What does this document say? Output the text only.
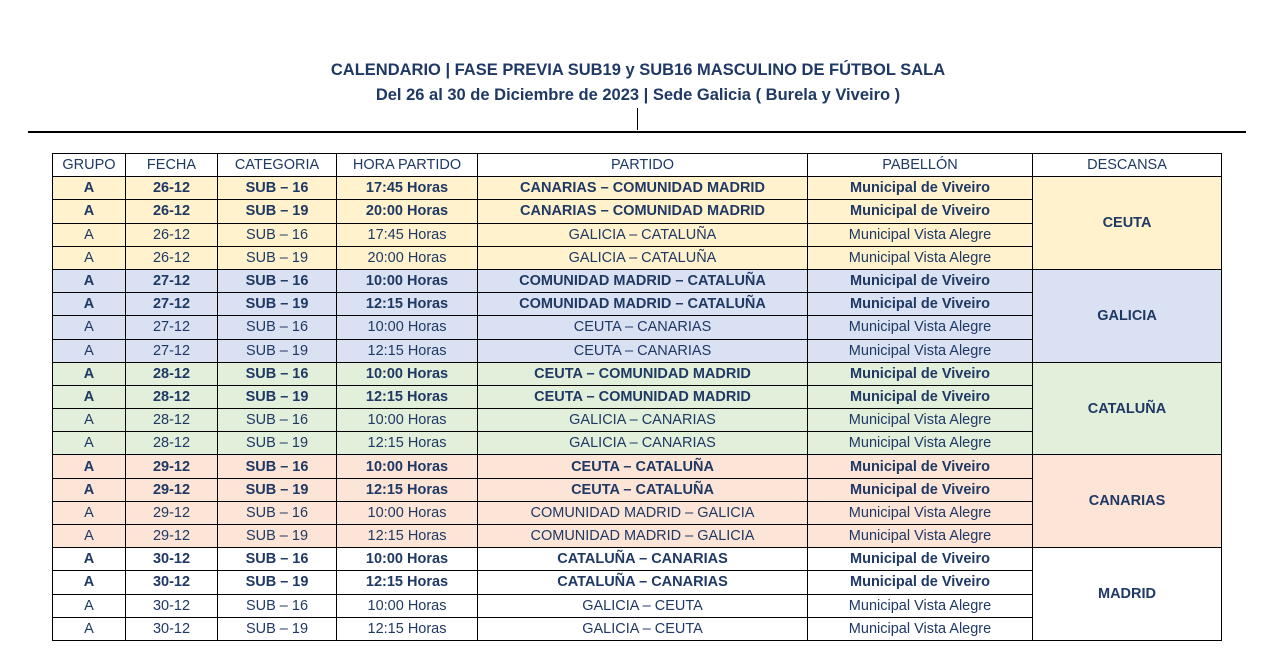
CALENDARIO | FASE PREVIA SUB19 y SUB16 MASCULINO DE FÚTBOL SALA
Del 26 al 30 de Diciembre de 2023 | Sede Galicia ( Burela y Viveiro )
GRUPO	FECHA	CATEGORIA	HORA PARTIDO	PARTIDO	PABELLÓN	DESCANSA
A	26-12	SUB – 16	17:45 Horas	CANARIAS – COMUNIDAD MADRID	Municipal de Viveiro	CEUTA
A	26-12	SUB – 19	20:00 Horas	CANARIAS – COMUNIDAD MADRID	Municipal de Viveiro	
A	26-12	SUB – 16	17:45 Horas	GALICIA – CATALUÑA	Municipal Vista Alegre	
A	26-12	SUB – 19	20:00 Horas	GALICIA – CATALUÑA	Municipal Vista Alegre	
A	27-12	SUB – 16	10:00 Horas	COMUNIDAD MADRID – CATALUÑA	Municipal de Viveiro	GALICIA
A	27-12	SUB – 19	12:15 Horas	COMUNIDAD MADRID – CATALUÑA	Municipal de Viveiro	
A	27-12	SUB – 16	10:00 Horas	CEUTA – CANARIAS	Municipal Vista Alegre	
A	27-12	SUB – 19	12:15 Horas	CEUTA – CANARIAS	Municipal Vista Alegre	
A	28-12	SUB – 16	10:00 Horas	CEUTA – COMUNIDAD MADRID	Municipal de Viveiro	CATALUÑA
A	28-12	SUB – 19	12:15 Horas	CEUTA – COMUNIDAD MADRID	Municipal de Viveiro	
A	28-12	SUB – 16	10:00 Horas	GALICIA – CANARIAS	Municipal Vista Alegre	
A	28-12	SUB – 19	12:15 Horas	GALICIA – CANARIAS	Municipal Vista Alegre	
A	29-12	SUB – 16	10:00 Horas	CEUTA – CATALUÑA	Municipal de Viveiro	CANARIAS
A	29-12	SUB – 19	12:15 Horas	CEUTA – CATALUÑA	Municipal de Viveiro	
A	29-12	SUB – 16	10:00 Horas	COMUNIDAD MADRID – GALICIA	Municipal Vista Alegre	
A	29-12	SUB – 19	12:15 Horas	COMUNIDAD MADRID – GALICIA	Municipal Vista Alegre	
A	30-12	SUB – 16	10:00 Horas	CATALUÑA – CANARIAS	Municipal de Viveiro	MADRID
A	30-12	SUB – 19	12:15 Horas	CATALUÑA – CANARIAS	Municipal de Viveiro	
A	30-12	SUB – 16	10:00 Horas	GALICIA – CEUTA	Municipal Vista Alegre	
A	30-12	SUB – 19	12:15 Horas	GALICIA – CEUTA	Municipal Vista Alegre	
